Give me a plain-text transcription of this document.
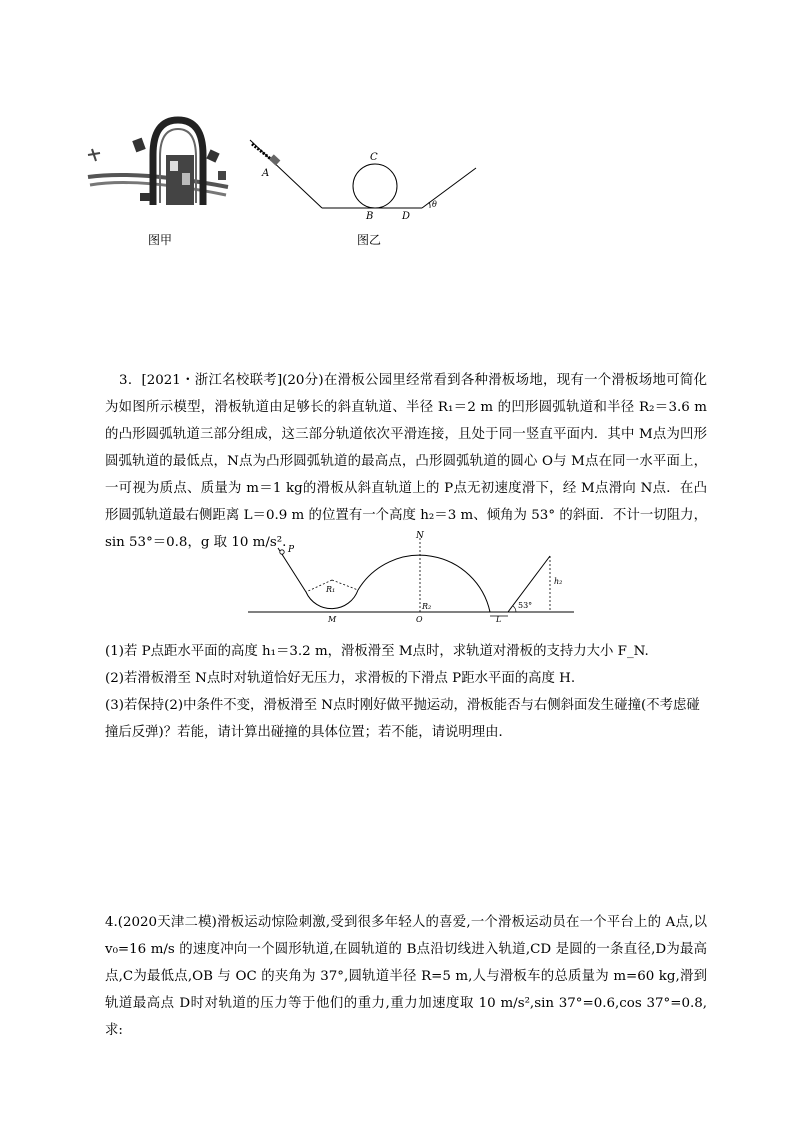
图甲
A
C
B	D
θ
图乙

3．[2021・浙江名校联考](20分)在滑板公园里经常看到各种滑板场地，现有一个滑板场地可简化为如图所示模型，滑板轨道由足够长的斜直轨道、半径 R₁＝2 m 的凹形圆弧轨道和半径 R₂＝3.6 m 的凸形圆弧轨道三部分组成，这三部分轨道依次平滑连接，且处于同一竖直平面内．其中 M点为凹形圆弧轨道的最低点，N点为凸形圆弧轨道的最高点，凸形圆弧轨道的圆心 O与 M点在同一水平面上，一可视为质点、质量为 m＝1 kg的滑板从斜直轨道上的 P点无初速度滑下，经 M点滑向 N点．在凸形圆弧轨道最右侧距离 L＝0.9 m 的位置有一个高度 h₂＝3 m、倾角为 53° 的斜面．不计一切阻力，sin 53°＝0.8，g 取 10 m/s². P
N
R₁
R₂
M	O	L
h₂
53°

(1)若 P点距水平面的高度 h₁＝3.2 m，滑板滑至 M点时，求轨道对滑板的支持力大小 F_N.

(2)若滑板滑至 N点时对轨道恰好无压力，求滑板的下滑点 P距水平面的高度 H.

(3)若保持(2)中条件不变，滑板滑至 N点时刚好做平抛运动，滑板能否与右侧斜面发生碰撞(不考虑碰撞后反弹)？若能，请计算出碰撞的具体位置；若不能，请说明理由．

4.(2020天津二模)滑板运动惊险刺激,受到很多年轻人的喜爱,一个滑板运动员在一个平台上的 A点,以 v₀=16 m/s 的速度冲向一个圆形轨道,在圆轨道的 B点沿切线进入轨道,CD 是圆的一条直径,D为最高点,C为最低点,OB 与 OC 的夹角为 37°,圆轨道半径 R=5 m,人与滑板车的总质量为 m=60 kg,滑到轨道最高点 D时对轨道的压力等于他们的重力,重力加速度取 10 m/s²,sin 37°=0.6,cos 37°=0.8,求:
